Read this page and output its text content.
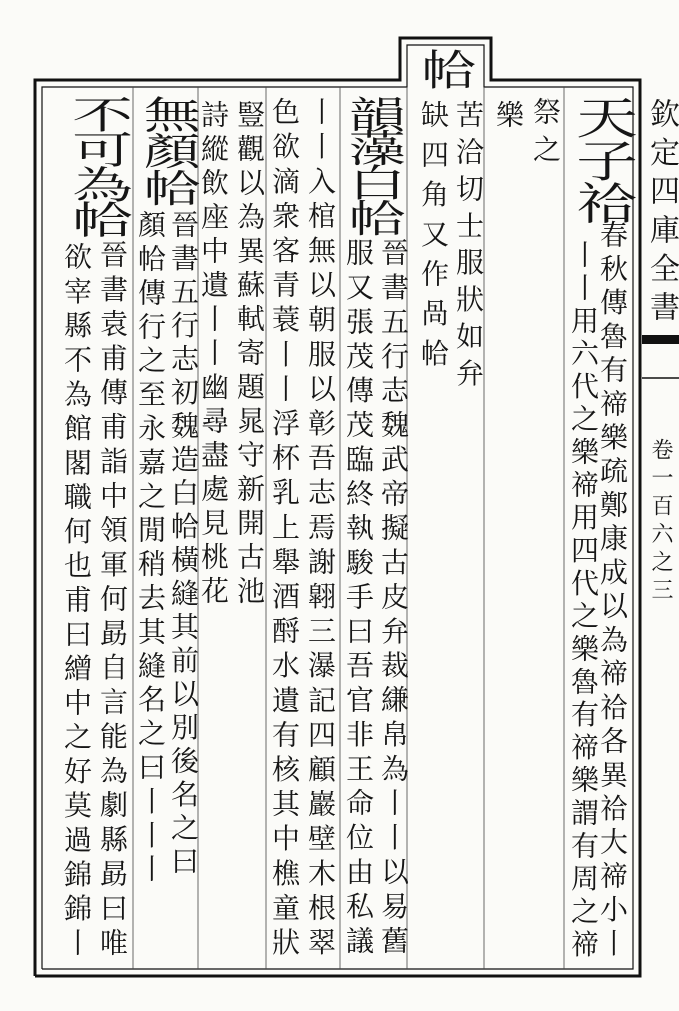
欽定四庫全書
卷一百六之三
天子祫
春秋傳魯有禘樂疏鄭康成以為禘祫各異祫大禘小丨
丨丨用六代之樂禘用四代之樂魯有禘樂謂有周之禘
祭之
樂
帢
苦洽切士服狀如弁
缺四角又作咼帢
韻藻
白帢
晉書五行志魏武帝擬古皮弁裁縑帛為丨丨以易舊
服又張茂傳茂臨終執駿手曰吾官非王命位由私議
丨丨入棺無以朝服以彰吾志焉謝翶三瀑記四顧巖壁木根翠
色欲滴衆客青蓑丨丨浮杯乳上舉酒酹水遺有核其中樵童狀
豎觀以為異蘇軾寄題晁守新開古池
詩縱飲座中遺丨丨幽尋盡處見桃花
無顏帢
晉書五行志初魏造白帢橫縫其前以別後名之曰
顏帢傳行之至永嘉之閒稍去其縫名之曰丨丨丨
不可為帢
晉書袁甫傳甫詣中領軍何勗自言能為劇縣勗曰唯
欲宰縣不為館閣職何也甫曰繒中之好莫過錦錦丨
